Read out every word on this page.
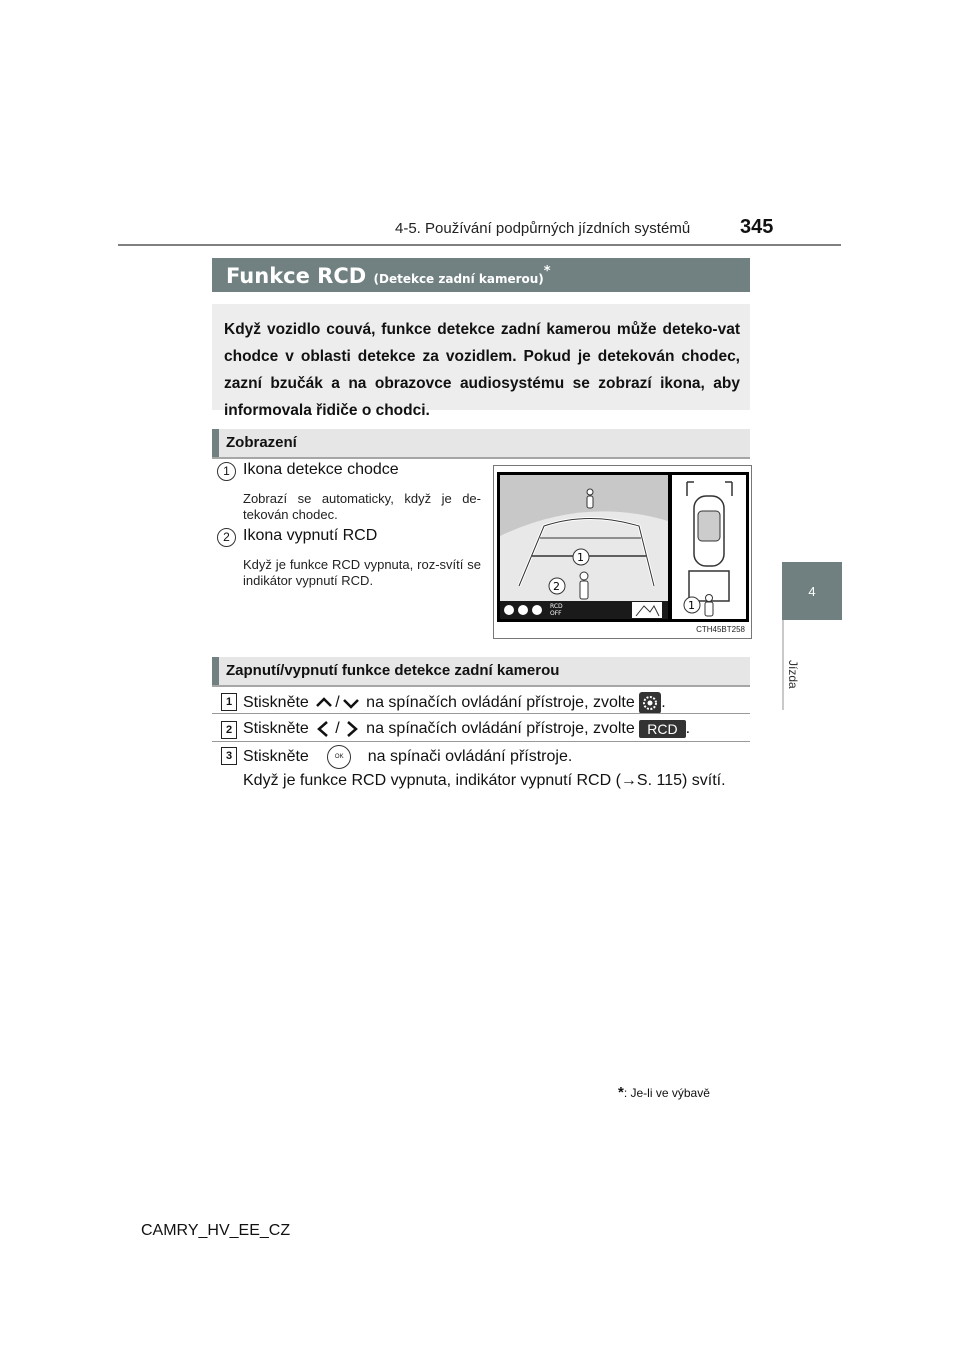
4-5. Používání podpůrných jízdních systémů 345
4
Jízda
Funkce RCD (Detekce zadní kamerou)*

Když vozidlo couvá, funkce detekce zadní kamerou může deteko-vat chodce v oblasti detekce za vozidlem. Pokud je detekován chodec, zazní bzučák a na obrazovce audiosystému se zobrazí ikona, aby informovala řidiče o chodci.

Zobrazení
1 Ikona detekce chodce
Zobrazí se automaticky, když je de-tekován chodec.
2 Ikona vypnutí RCD
Když je funkce RCD vypnuta, roz-svítí se indikátor vypnutí RCD.
RCD
OFF
1
2
1
CTH45BT258
Zapnutí/vypnutí funkce detekce zadní kamerou
1 Stiskněte / na spínačích ovládání přístroje, zvolte .
2 Stiskněte / na spínačích ovládání přístroje, zvolte RCD .
3 Stiskněte	OK na spínači ovládání přístroje.
Když je funkce RCD vypnuta, indikátor vypnutí RCD (→S. 115) svítí.
*: Je-li ve výbavě
CAMRY_HV_EE_CZ
